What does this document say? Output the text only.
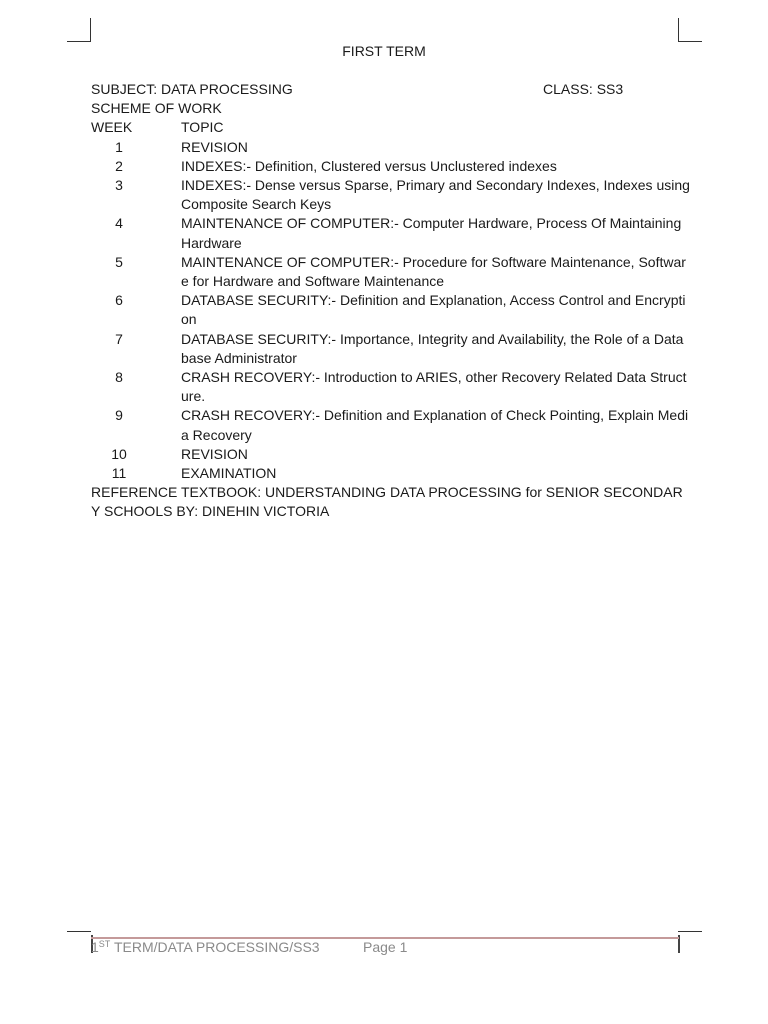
FIRST TERM
SUBJECT: DATA PROCESSING	CLASS: SS3
SCHEME OF WORK
WEEK	TOPIC
1	REVISION
2	INDEXES:- Definition, Clustered versus Unclustered indexes
3	INDEXES:- Dense versus Sparse, Primary and Secondary Indexes, Indexes using Composite Search Keys
4	MAINTENANCE OF COMPUTER:- Computer Hardware, Process Of Maintaining Hardware
5	MAINTENANCE OF COMPUTER:- Procedure for Software Maintenance, Software for Hardware and Software Maintenance
6	DATABASE SECURITY:- Definition and Explanation, Access Control and Encryption
7	DATABASE SECURITY:- Importance, Integrity and Availability, the Role of a Database Administrator
8	CRASH RECOVERY:- Introduction to ARIES, other Recovery Related Data Structure.
9	CRASH RECOVERY:- Definition and Explanation of Check Pointing, Explain Media Recovery
10	REVISION
11	EXAMINATION
REFERENCE TEXTBOOK: UNDERSTANDING DATA PROCESSING for SENIOR SECONDARY SCHOOLS BY: DINEHIN VICTORIA
1ST TERM/DATA PROCESSING/SS3	Page 1
